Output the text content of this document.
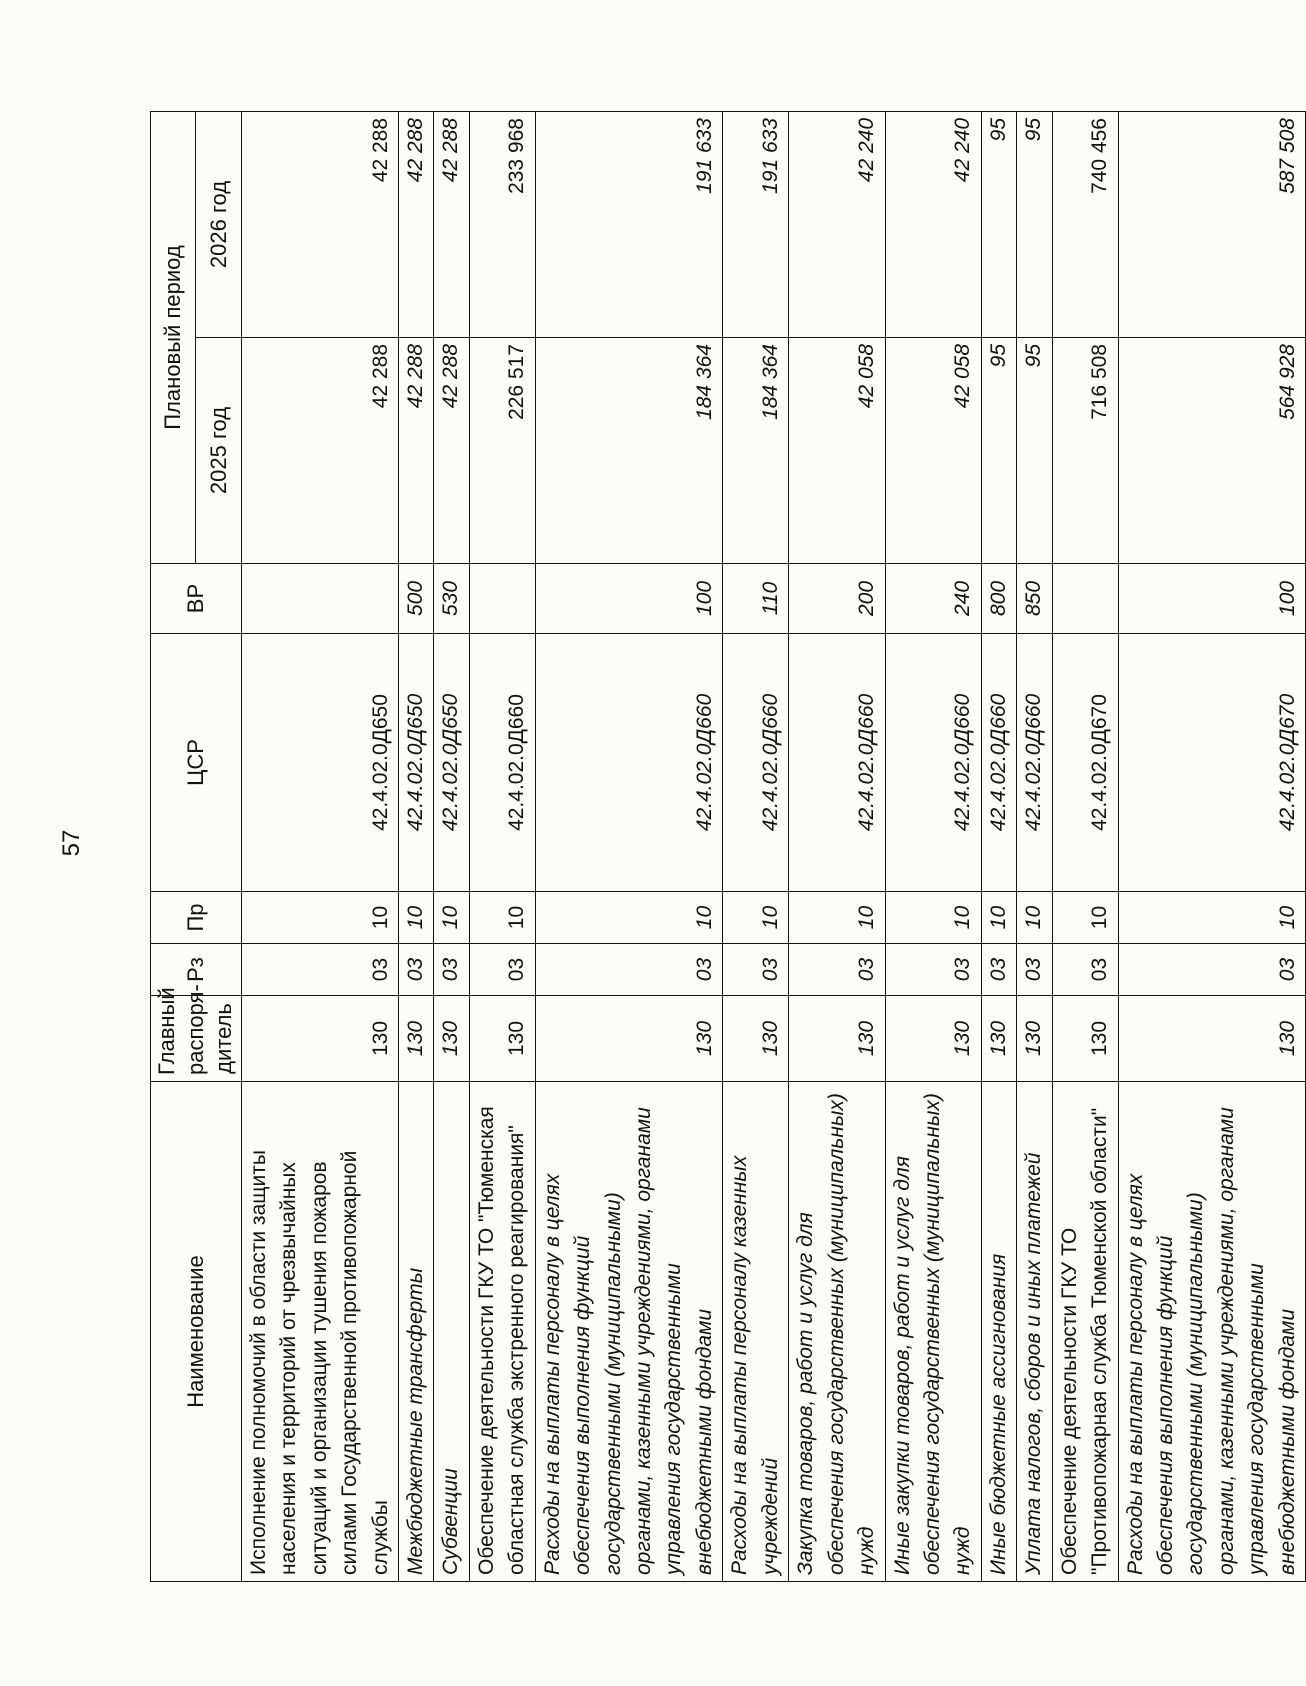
57
Наименование	Главный распоря-дитель	Рз	Пр	ЦСР	ВР	Плановый период	
						2025 год	2026 год
Исполнение полномочий в области защиты населения и территорий от чрезвычайных ситуаций и организации тушения пожаров силами Государственной противопожарной службы	130	03	10	42.4.02.0Д650		42 288	42 288
Межбюджетные трансферты	130	03	10	42.4.02.0Д650	500	42 288	42 288
Субвенции	130	03	10	42.4.02.0Д650	530	42 288	42 288
Обеспечение деятельности ГКУ ТО "Тюменская областная служба экстренного реагирования"	130	03	10	42.4.02.0Д660		226 517	233 968
Расходы на выплаты персоналу в целях обеспечения выполнения функций государственными (муниципальными) органами, казенными учреждениями, органами управления государственными внебюджетными фондами	130	03	10	42.4.02.0Д660	100	184 364	191 633
Расходы на выплаты персоналу казенных учреждений	130	03	10	42.4.02.0Д660	110	184 364	191 633
Закупка товаров, работ и услуг для обеспечения государственных (муниципальных) нужд	130	03	10	42.4.02.0Д660	200	42 058	42 240
Иные закупки товаров, работ и услуг для обеспечения государственных (муниципальных) нужд	130	03	10	42.4.02.0Д660	240	42 058	42 240
Иные бюджетные ассигнования	130	03	10	42.4.02.0Д660	800	95	95
Уплата налогов, сборов и иных платежей	130	03	10	42.4.02.0Д660	850	95	95
Обеспечение деятельности ГКУ ТО "Противопожарная служба Тюменской области"	130	03	10	42.4.02.0Д670		716 508	740 456
Расходы на выплаты персоналу в целях обеспечения выполнения функций государственными (муниципальными) органами, казенными учреждениями, органами управления государственными внебюджетными фондами	130	03	10	42.4.02.0Д670	100	564 928	587 508
